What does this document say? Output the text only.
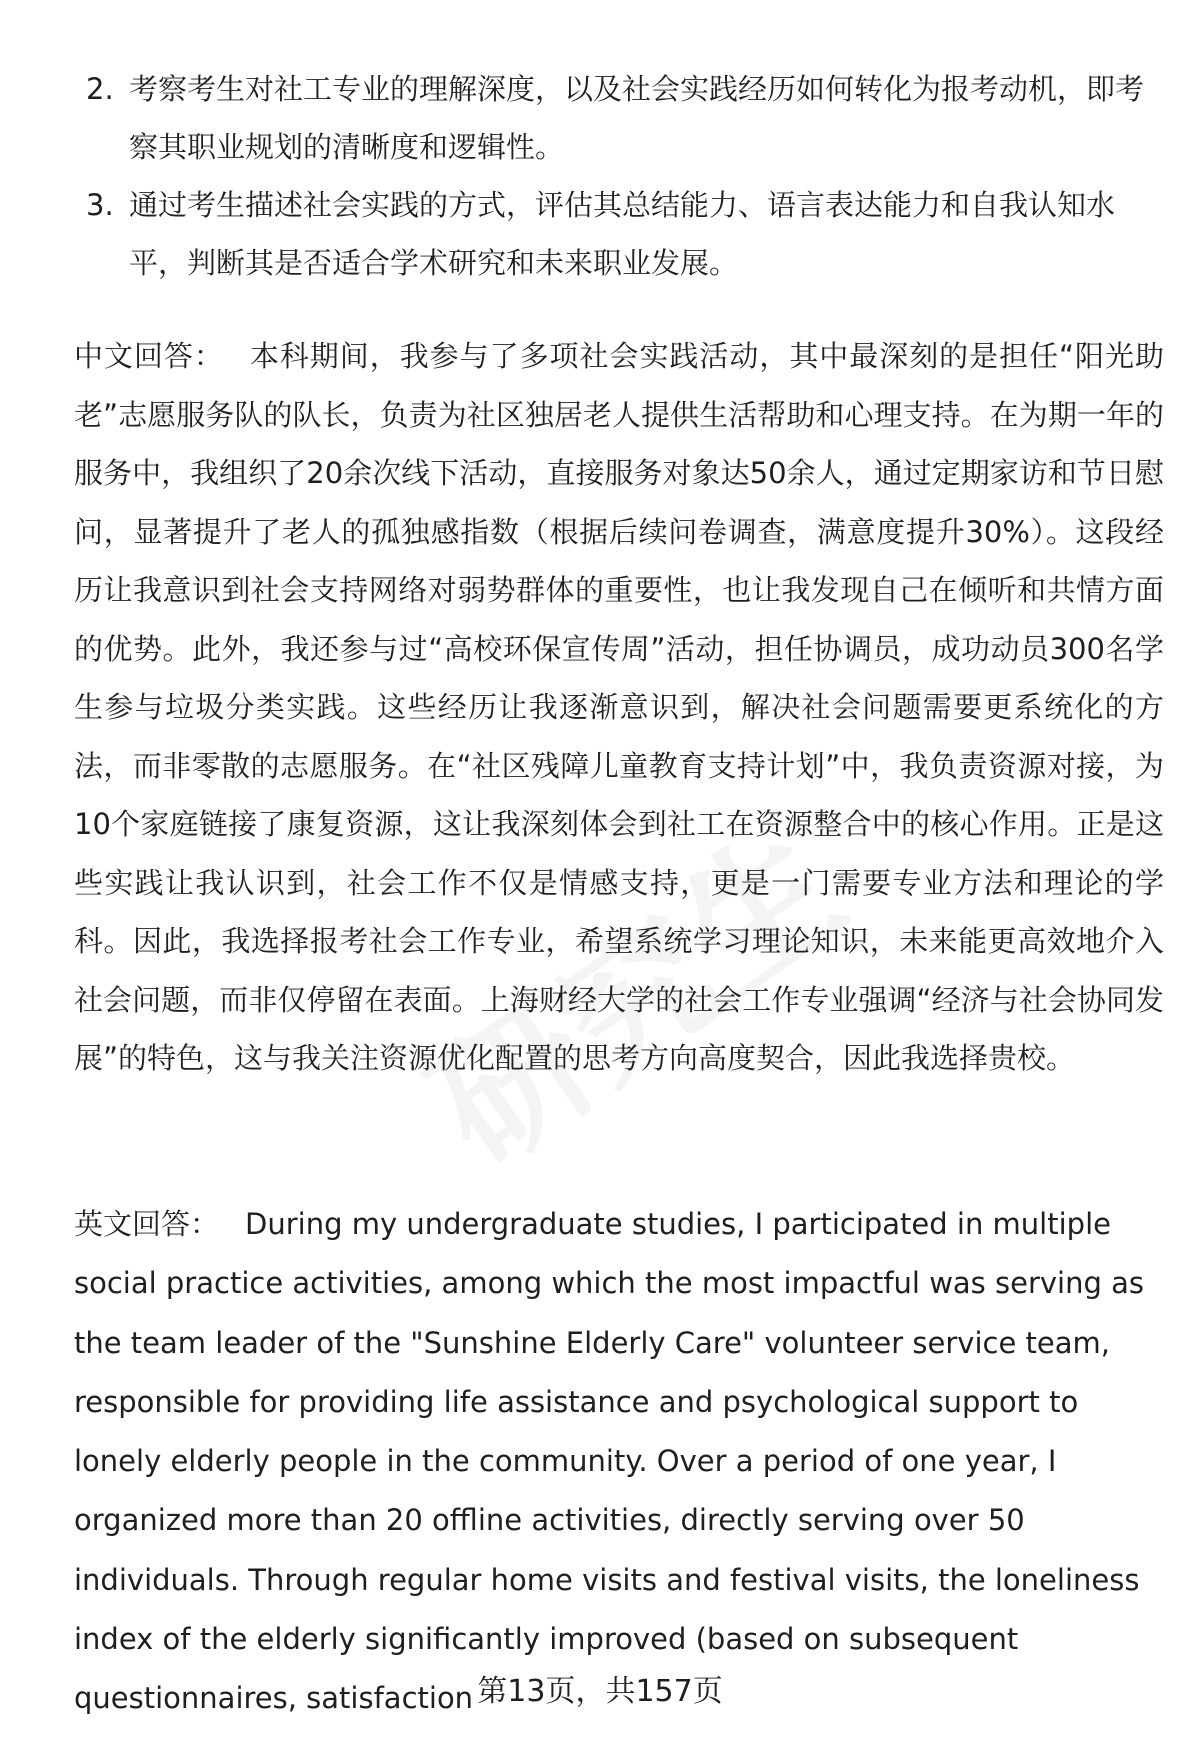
2. 考察考生对社工专业的理解深度，以及社会实践经历如何转化为报考动机，即考察其职业规划的清晰度和逻辑性。
3. 通过考生描述社会实践的方式，评估其总结能力、语言表达能力和自我认知水平，判断其是否适合学术研究和未来职业发展。

中文回答： 本科期间，我参与了多项社会实践活动，其中最深刻的是担任“阳光助老”志愿服务队的队长，负责为社区独居老人提供生活帮助和心理支持。在为期一年的服务中，我组织了20余次线下活动，直接服务对象达50余人，通过定期家访和节日慰问，显著提升了老人的孤独感指数（根据后续问卷调查，满意度提升30%）。这段经历让我意识到社会支持网络对弱势群体的重要性，也让我发现自己在倾听和共情方面的优势。此外，我还参与过“高校环保宣传周”活动，担任协调员，成功动员300名学生参与垃圾分类实践。这些经历让我逐渐意识到，解决社会问题需要更系统化的方法，而非零散的志愿服务。在“社区残障儿童教育支持计划”中，我负责资源对接，为10个家庭链接了康复资源，这让我深刻体会到社工在资源整合中的核心作用。正是这些实践让我认识到，社会工作不仅是情感支持，更是一门需要专业方法和理论的学科。因此，我选择报考社会工作专业，希望系统学习理论知识，未来能更高效地介入社会问题，而非仅停留在表面。上海财经大学的社会工作专业强调“经济与社会协同发展”的特色，这与我关注资源优化配置的思考方向高度契合，因此我选择贵校。

英文回答： During my undergraduate studies, I participated in multiple social practice activities, among which the most impactful was serving as the team leader of the "Sunshine Elderly Care" volunteer service team, responsible for providing life assistance and psychological support to lonely elderly people in the community. Over a period of one year, I organized more than 20 offline activities, directly serving over 50 individuals. Through regular home visits and festival visits, the loneliness index of the elderly significantly improved (based on subsequent questionnaires, satisfaction 第13页，共157页
